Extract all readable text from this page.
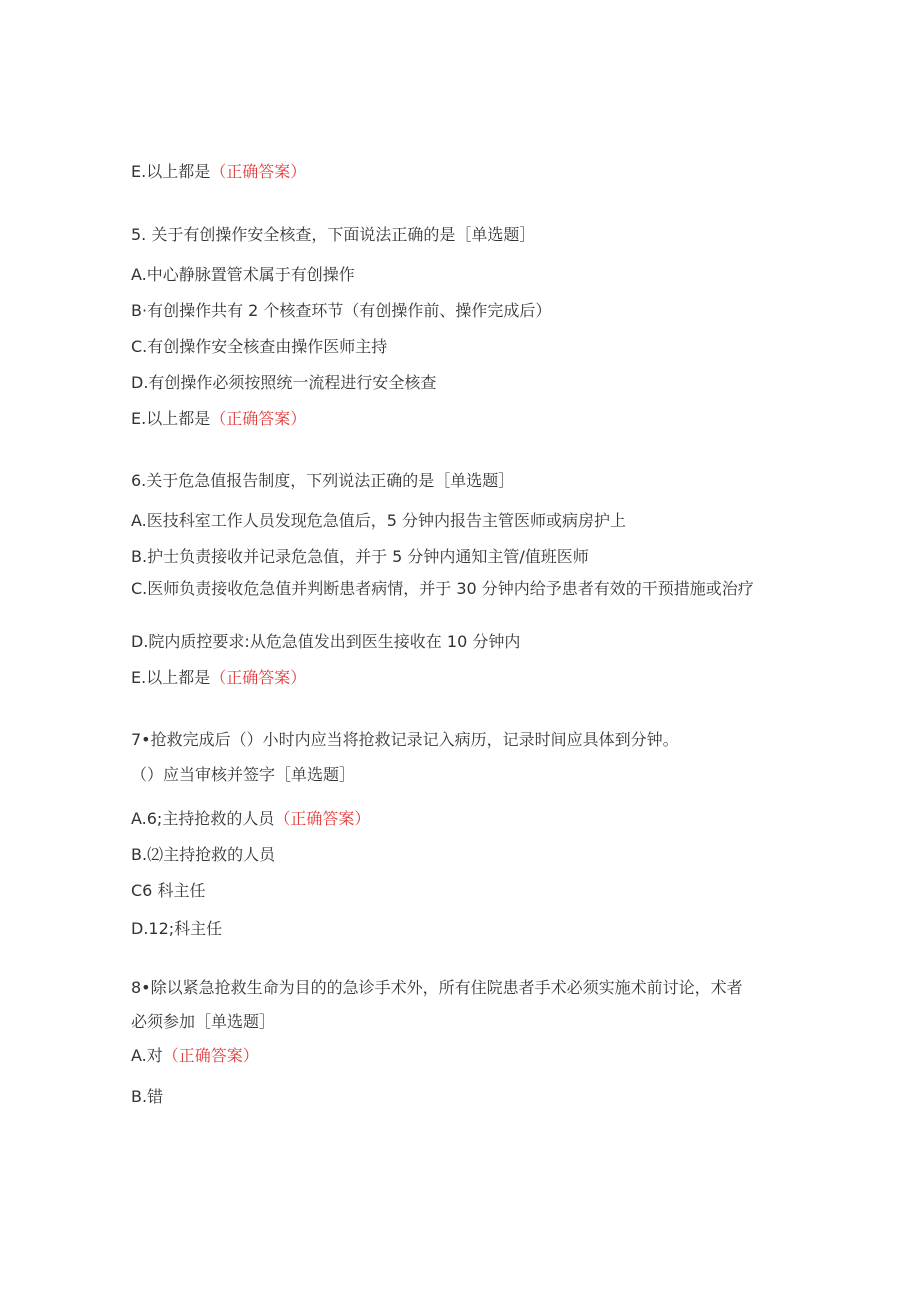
E.以上都是（正确答案）
5. 关于有创操作安全核查，下面说法正确的是［单选题］
A.中心静脉置管术属于有创操作
B·有创操作共有 2 个核查环节（有创操作前、操作完成后）
C.有创操作安全核查由操作医师主持
D.有创操作必须按照统一流程进行安全核查
E.以上都是（正确答案）
6.关于危急值报告制度，下列说法正确的是［单选题］
A.医技科室工作人员发现危急值后，5 分钟内报告主管医师或病房护上
B.护士负责接收并记录危急值，并于 5 分钟内通知主管/值班医师
C.医师负责接收危急值并判断患者病情，并于 30 分钟内给予患者有效的干预措施或治疗
D.院内质控要求:从危急值发出到医生接收在 10 分钟内
E.以上都是（正确答案）
7•抢救完成后（）小时内应当将抢救记录记入病历，记录时间应具体到分钟。
（）应当审核并签字［单选题］
A.6;主持抢救的人员（正确答案）
B.⑵主持抢救的人员
C6 科主任
D.12;科主任
8•除以紧急抢救生命为目的的急诊手术外，所有住院患者手术必须实施术前讨论，术者
必须参加［单选题］
A.对（正确答案）
B.错
